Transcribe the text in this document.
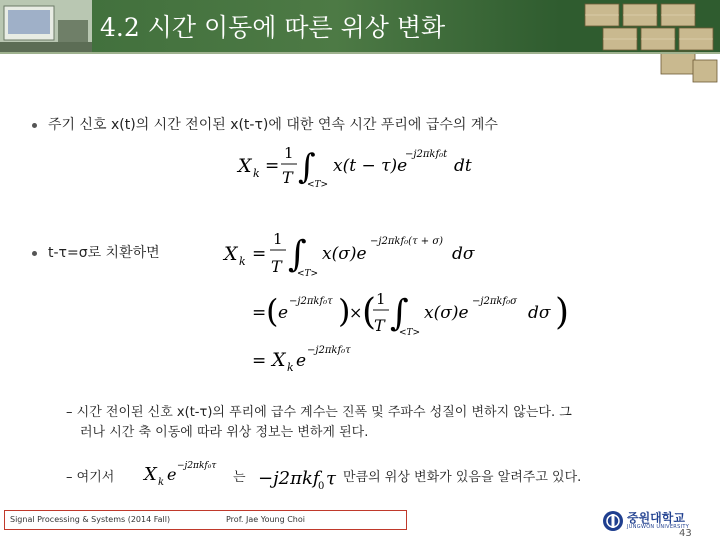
4.2 시간 이동에 따른 위상 변화
주기 신호 x(t)의 시간 전이된 x(t-τ)에 대한 연속 시간 푸리에 급수의 계수
X k =
1
T ∫
<T>
x(t − τ)e
−j2πkf₀t
dt
t-τ=σ로 치환하면	X k =
1
T ∫
<T>
x(σ)e
−j2πkf₀(τ + σ)
dσ
= ( e
−j2πkf₀τ )
× ( 1
T ∫
<T>
x(σ)e
−j2πkf₀σ
dσ )
= X k e
−j2πkf₀τ
– 시간 전이된 신호 x(t-τ)의 푸리에 급수 계수는 진폭 및 주파수 성질이 변하지 않는다. 그
러나 시간 축 이동에 따라 위상 정보는 변하게 된다.
– 여기서 X k e −j2πkf₀τ
는 −j2πkf
0 τ 만큼의 위상 변화가 있음을 알려주고 있다.
Signal Processing & Systems (2014 Fall)	Prof. Jae Young Choi	중원대학교
JUNGWON UNIVERSITY
43
